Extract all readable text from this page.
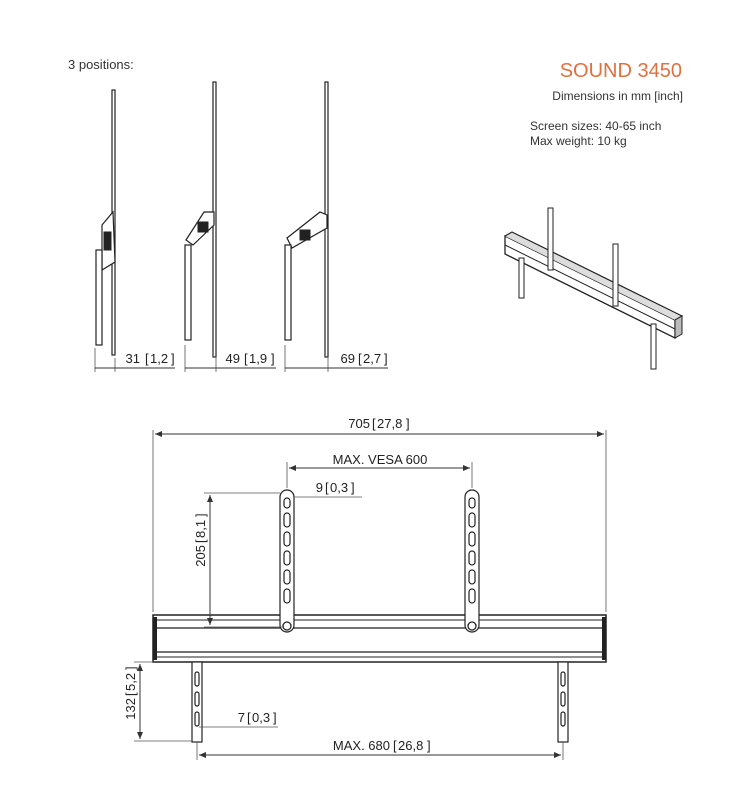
3 positions:	SOUND 3450
Dimensions in mm [inch]
Screen sizes: 40-65 inch
Max weight: 10 kg
31 [ 1,2 ]	49 [ 1,9 ]	69 [ 2,7 ]
705 [ 27,8 ]
MAX. VESA 600
9 [ 0,3 ]
205
[
8,1
]
132
[
5,2
]
7 [ 0,3 ]
MAX. 680 [ 26,8 ]
